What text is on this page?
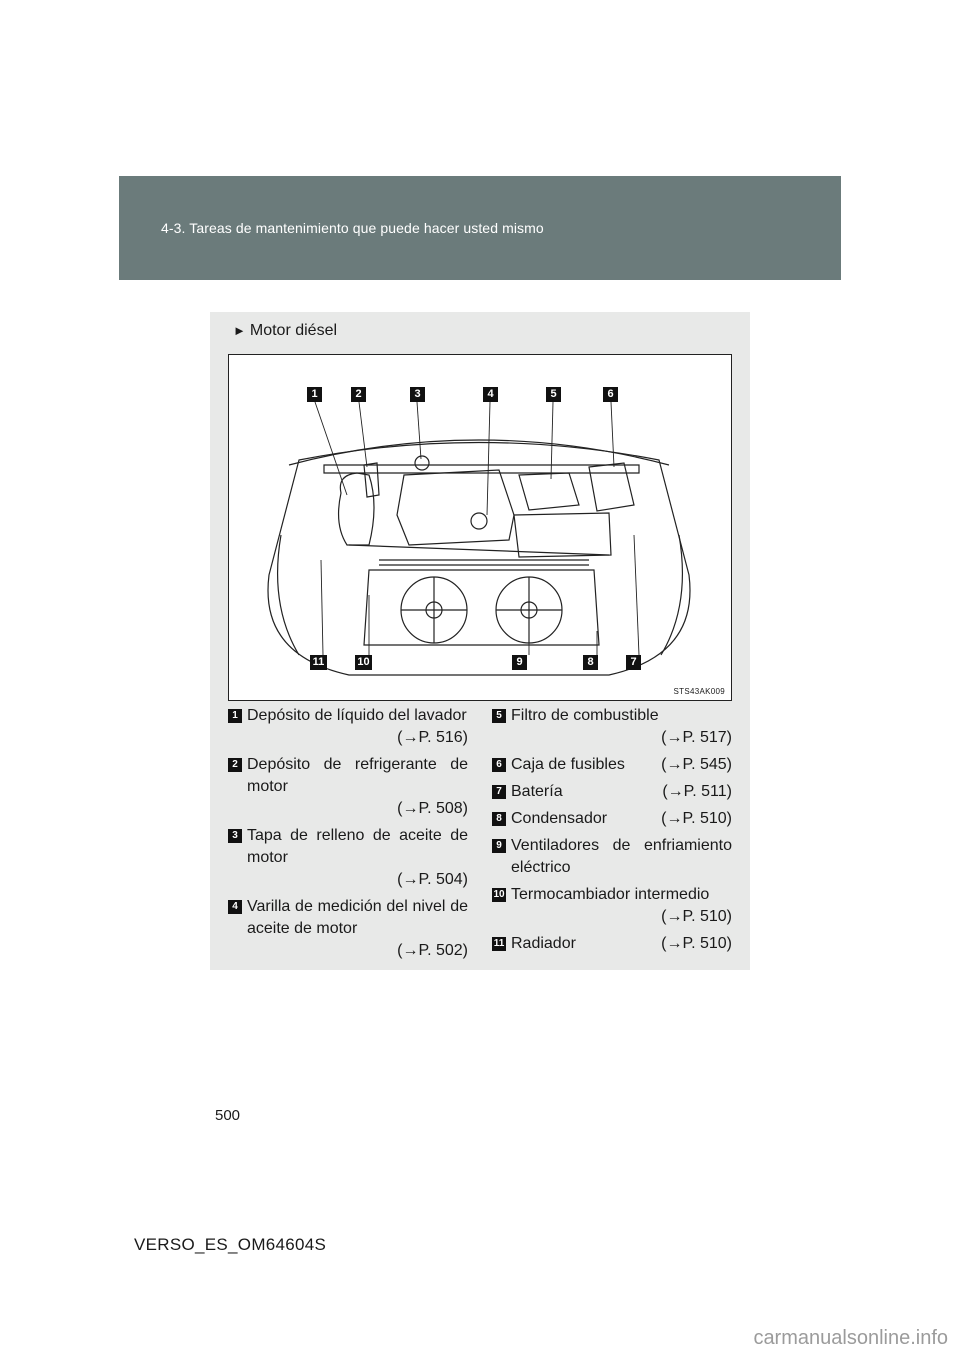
4-3. Tareas de mantenimiento que puede hacer usted mismo
► Motor diésel
1	2	3	4	5	6
11	10	9	8	7
STS43AK009
1 Depósito de líquido del lavador
(→P. 516)
2 Depósito de refrigerante de motor
(→P. 508)
3 Tapa de relleno de aceite de motor
(→P. 504)
4 Varilla de medición del nivel de aceite de motor
(→P. 502)
5 Filtro de combustible
(→P. 517)
6 Caja de fusibles (→P. 545)
7 Batería	(→P. 511)
8 Condensador	(→P. 510)
9 Ventiladores de enfriamiento eléctrico
10 Termocambiador intermedio
(→P. 510)
11 Radiador	(→P. 510)
500
VERSO_ES_OM64604S
carmanualsonline.info
